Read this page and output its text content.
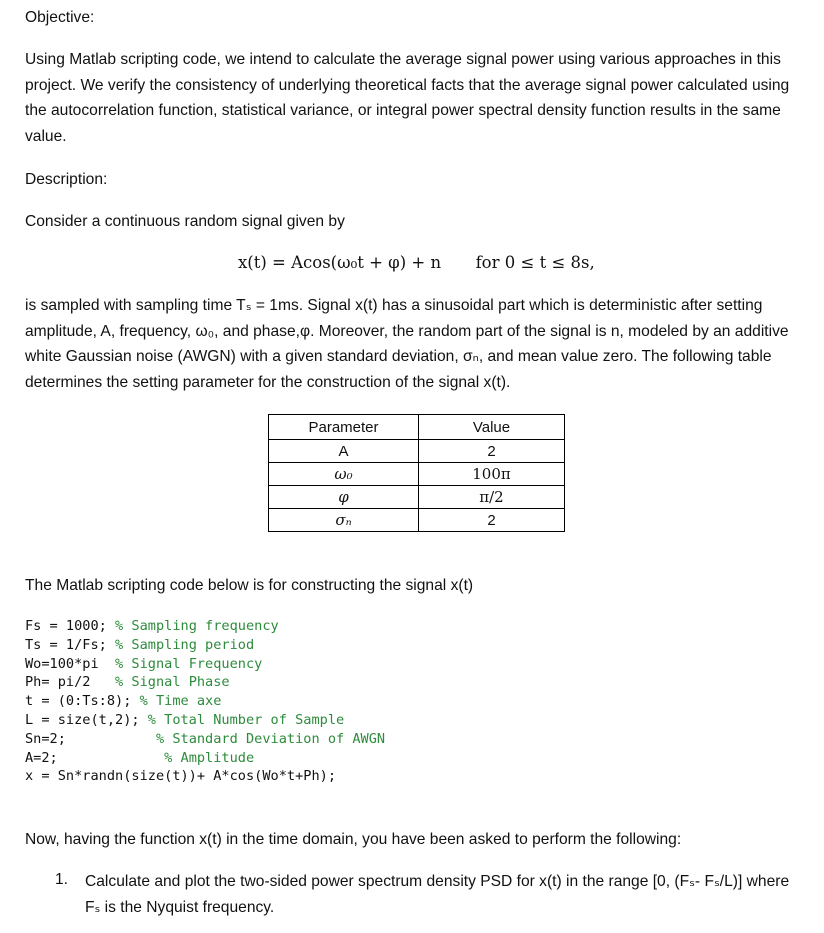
Objective:
Using Matlab scripting code, we intend to calculate the average signal power using various approaches in this project. We verify the consistency of underlying theoretical facts that the average signal power calculated using the autocorrelation function, statistical variance, or integral power spectral density function results in the same value.
Description:
Consider a continuous random signal given by
x(t) = Acos(ω₀t + φ) + n for 0 ≤ t ≤ 8s,
is sampled with sampling time Tₛ = 1ms. Signal x(t) has a sinusoidal part which is deterministic after setting amplitude, A, frequency, ω₀, and phase,φ. Moreover, the random part of the signal is n, modeled by an additive white Gaussian noise (AWGN) with a given standard deviation, σₙ, and mean value zero. The following table determines the setting parameter for the construction of the signal x(t).
Parameter	Value
A	2
ω₀	100π
φ	π/2
σₙ	2
The Matlab scripting code below is for constructing the signal x(t)
Fs = 1000; % Sampling frequency
Ts = 1/Fs; % Sampling period
Wo=100*pi  % Signal Frequency
Ph= pi/2   % Signal Phase
t = (0:Ts:8); % Time axe
L = size(t,2); % Total Number of Sample
Sn=2;           % Standard Deviation of AWGN
A=2;             % Amplitude
x = Sn*randn(size(t))+ A*cos(Wo*t+Ph);
Now, having the function x(t) in the time domain, you have been asked to perform the following:
1. Calculate and plot the two-sided power spectrum density PSD for x(t) in the range [0, (Fₛ- Fₛ/L)] where Fₛ is the Nyquist frequency.
